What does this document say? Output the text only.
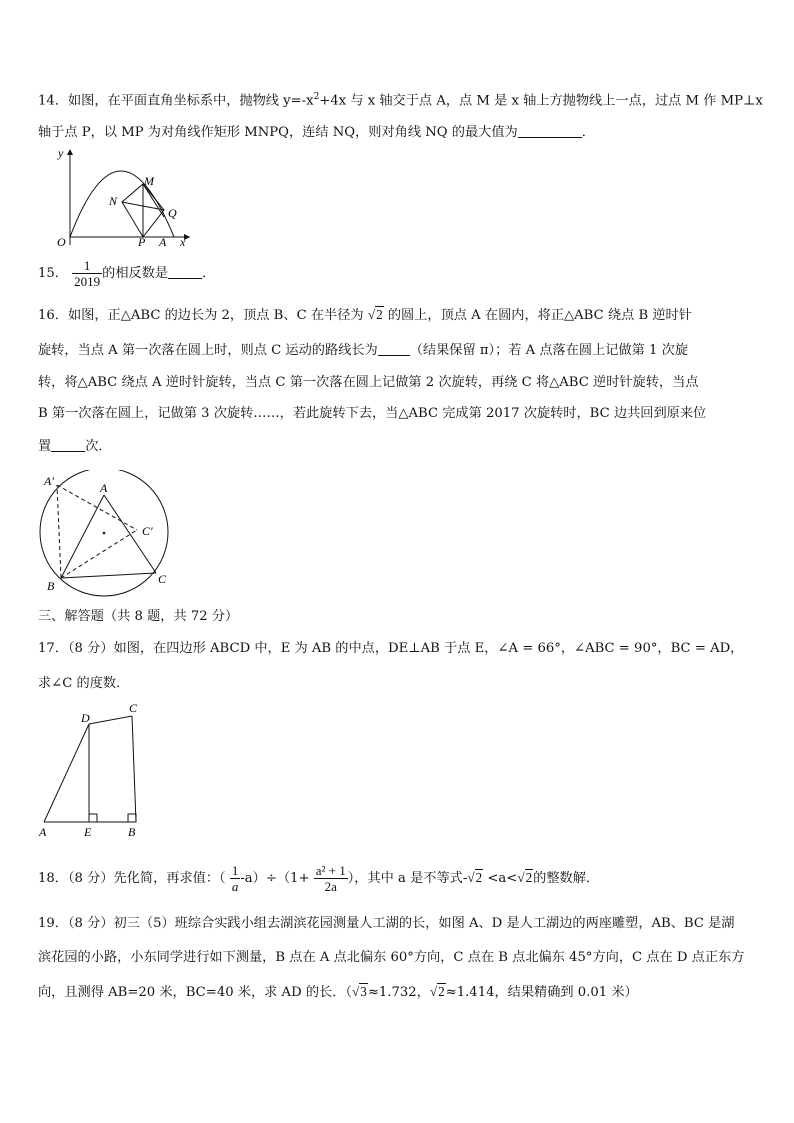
14．如图，在平面直角坐标系中，抛物线 $y=-x^2+4x$ 与 x 轴交于点 A，点 M 是 x 轴上方抛物线上一点，过点 M 作 MP⊥x
轴于点 P，以 MP 为对角线作矩形 MNPQ，连结 NQ，则对角线 NQ 的最大值为	．
y
x
O
M
N
Q
P A
15． $\frac{1}{2019}$ 的相反数是	．
16．如图，正△ABC 的边长为 2，顶点 B、C 在半径为 √2 的圆上，顶点 A 在圆内，将正△ABC 绕点 B 逆时针
旋转，当点 A 第一次落在圆上时，则点 C 运动的路线长为 （结果保留 π）；若 A 点落在圆上记做第 1 次旋
转，将△ABC 绕点 A 逆时针旋转，当点 C 第一次落在圆上记做第 2 次旋转，再绕 C 将△ABC 逆时针旋转，当点
B 第一次落在圆上，记做第 3 次旋转……，若此旋转下去，当△ABC 完成第 2017 次旋转时，BC 边共回到原来位
置	次．
A′	A
C′
B	C
三、解答题（共 8 题，共 72 分）
17．（8 分）如图，在四边形 ABCD 中，E 为 AB 的中点，DE⊥AB 于点 E，∠A = 66°，∠ABC = 90°，BC = AD，
求∠C 的度数．
D
C
A	E	B
18．（8 分）先化简，再求值：（ $\frac{1}{a} -a)\div(1+ \frac{\text{a² + 1}}{2a}$ ），其中 a 是不等式-√2 <a<√2的整数解．
19．（8 分）初三（5）班综合实践小组去湖滨花园测量人工湖的长，如图 A、D 是人工湖边的两座雕塑，AB、BC 是湖
滨花园的小路，小东同学进行如下测量，B 点在 A 点北偏东 60°方向，C 点在 B 点北偏东 45°方向，C 点在 D 点正东方
向，且测得 AB=20 米，BC=40 米，求 AD 的长．（√3≈1.732，√2≈1.414，结果精确到 0.01 米）
